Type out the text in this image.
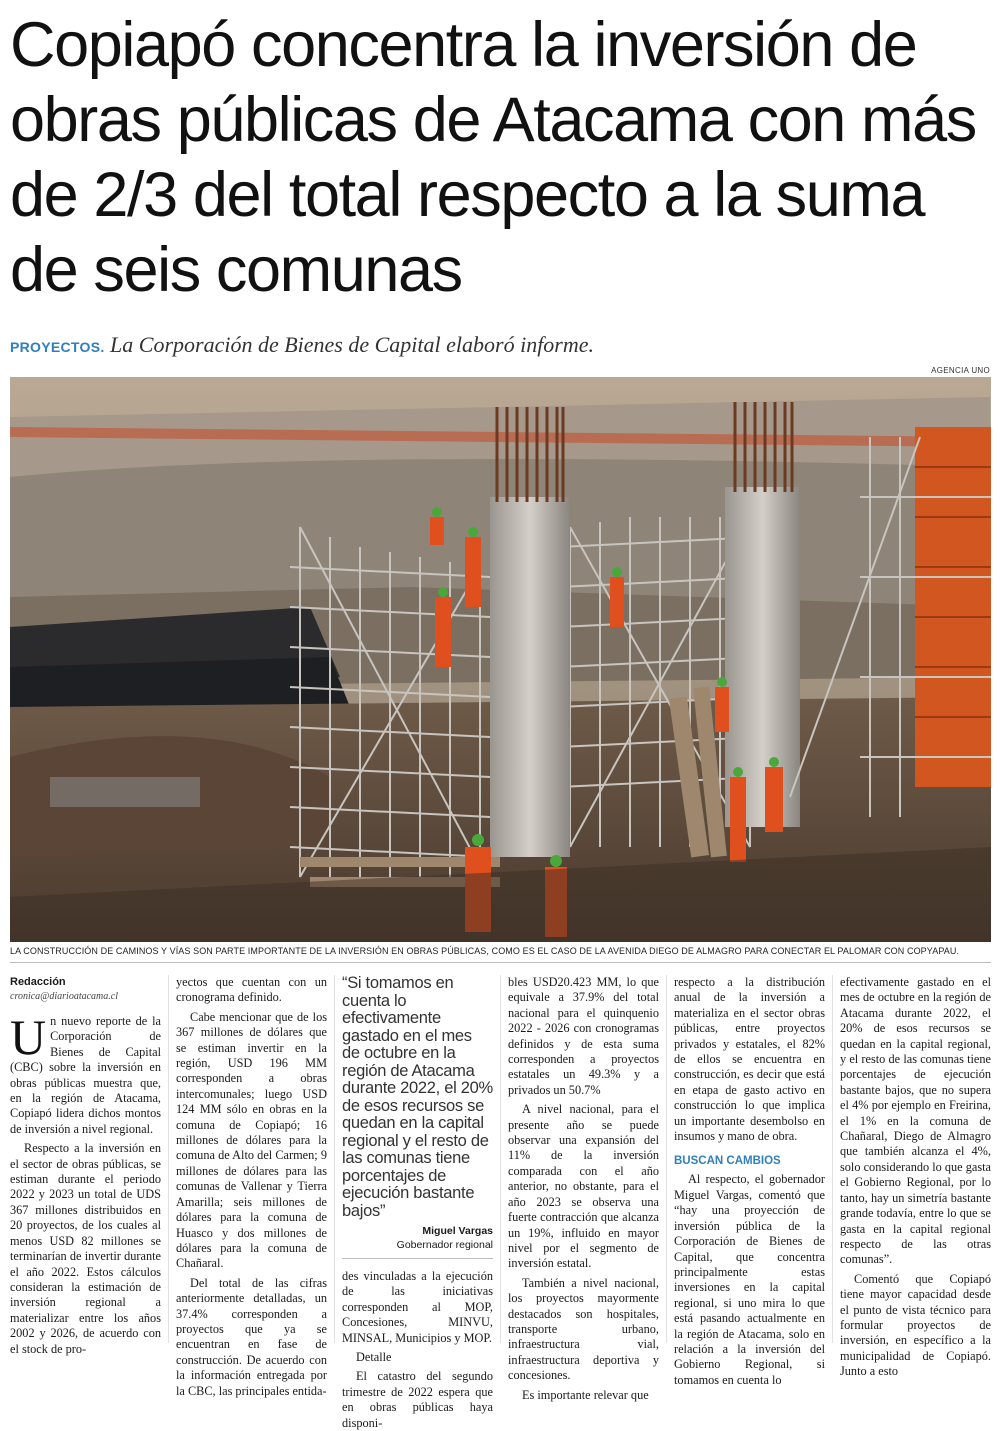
Copiapó concentra la inversión de obras públicas de Atacama con más de 2/3 del total respecto a la suma de seis comunas
PROYECTOS. La Corporación de Bienes de Capital elaboró informe.
AGENCIA UNO
LA CONSTRUCCIÓN DE CAMINOS Y VÍAS SON PARTE IMPORTANTE DE LA INVERSIÓN EN OBRAS PÚBLICAS, COMO ES EL CASO DE LA AVENIDA DIEGO DE ALMAGRO PARA CONECTAR EL PALOMAR CON COPYAPAU.
Redacción
cronica@diarioatacama.cl

Un nuevo reporte de la Corporación de Bienes de Capital (CBC) sobre la inversión en obras públicas muestra que, en la región de Atacama, Copiapó lidera dichos montos de inversión a nivel regional.

Respecto a la inversión en el sector de obras públicas, se estiman durante el periodo 2022 y 2023 un total de UDS 367 millones distribuidos en 20 proyectos, de los cuales al menos USD 82 millones se terminarían de invertir durante el año 2022. Estos cálculos consideran la estimación de inversión regional a materializar entre los años 2002 y 2026, de acuerdo con el stock de pro-

yectos que cuentan con un cronograma definido.

Cabe mencionar que de los 367 millones de dólares que se estiman invertir en la región, USD 196 MM corresponden a obras intercomunales; luego USD 124 MM sólo en obras en la comuna de Copiapó; 16 millones de dólares para la comuna de Alto del Carmen; 9 millones de dólares para las comunas de Vallenar y Tierra Amarilla; seis millones de dólares para la comuna de Huasco y dos millones de dólares para la comuna de Chañaral.

Del total de las cifras anteriormente detalladas, un 37.4% corresponden a proyectos que ya se encuentran en fase de construcción. De acuerdo con la información entregada por la CBC, las principales entida-

“Si tomamos en cuenta lo efectivamente gastado en el mes de octubre en la región de Atacama durante 2022, el 20% de esos recursos se quedan en la capital regional y el resto de las comunas tiene porcentajes de ejecución bastante bajos”
Miguel Vargas
Gobernador regional

des vinculadas a la ejecución de las iniciativas corresponden al MOP, Concesiones, MINVU, MINSAL, Municipios y MOP.

Detalle

El catastro del segundo trimestre de 2022 espera que en obras públicas haya disponi-

bles USD20.423 MM, lo que equivale a 37.9% del total nacional para el quinquenio 2022 - 2026 con cronogramas definidos y de esta suma corresponden a proyectos estatales un 49.3% y a privados un 50.7%

A nivel nacional, para el presente año se puede observar una expansión del 11% de la inversión comparada con el año anterior, no obstante, para el año 2023 se observa una fuerte contracción que alcanza un 19%, influido en mayor nivel por el segmento de inversión estatal.

También a nivel nacional, los proyectos mayormente destacados son hospitales, transporte urbano, infraestructura vial, infraestructura deportiva y concesiones.

Es importante relevar que

respecto a la distribución anual de la inversión a materializa en el sector obras públicas, entre proyectos privados y estatales, el 82% de ellos se encuentra en construcción, es decir que está en etapa de gasto activo en construcción lo que implica un importante desembolso en insumos y mano de obra.

BUSCAN CAMBIOS

Al respecto, el gobernador Miguel Vargas, comentó que “hay una proyección de inversión pública de la Corporación de Bienes de Capital, que concentra principalmente estas inversiones en la capital regional, si uno mira lo que está pasando actualmente en la región de Atacama, solo en relación a la inversión del Gobierno Regional, si tomamos en cuenta lo

efectivamente gastado en el mes de octubre en la región de Atacama durante 2022, el 20% de esos recursos se quedan en la capital regional, y el resto de las comunas tiene porcentajes de ejecución bastante bajos, que no supera el 4% por ejemplo en Freirina, el 1% en la comuna de Chañaral, Diego de Almagro que también alcanza el 4%, solo considerando lo que gasta el Gobierno Regional, por lo tanto, hay un simetría bastante grande todavía, entre lo que se gasta en la capital regional respecto de las otras comunas”.

Comentó que Copiapó tiene mayor capacidad desde el punto de vista técnico para formular proyectos de inversión, en específico a la municipalidad de Copiapó. Junto a esto
